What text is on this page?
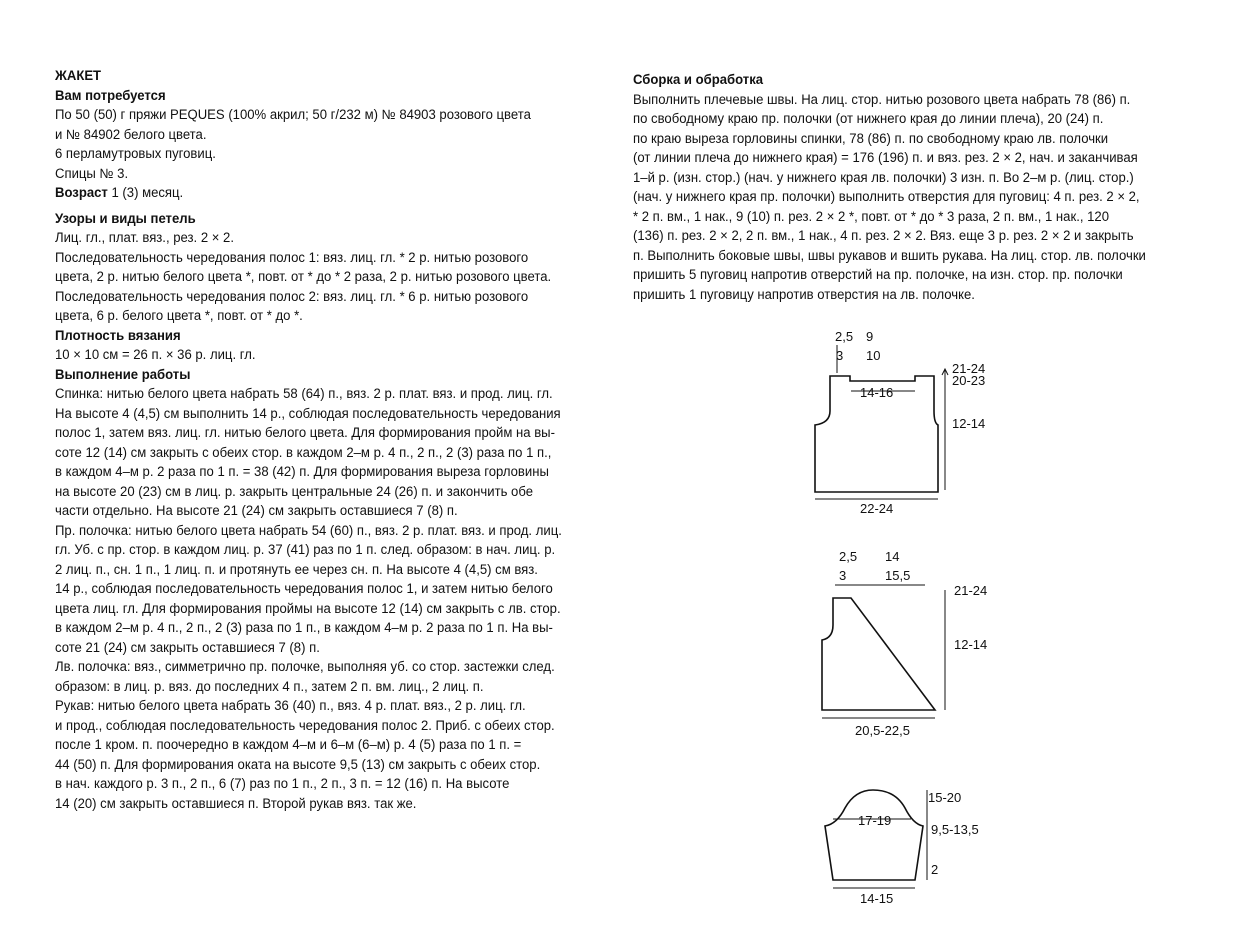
ЖАКЕТ
Вам потребуется
По 50 (50) г пряжи PEQUES (100% акрил; 50 г/232 м) № 84903 розового цвета
и № 84902 белого цвета.
6 перламутровых пуговиц.
Спицы № 3.
Возраст 1 (3) месяц.
Узоры и виды петель
Лиц. гл., плат. вяз., рез. 2 × 2.
Последовательность чередования полос 1: вяз. лиц. гл. * 2 р. нитью розового
цвета, 2 р. нитью белого цвета *, повт. от * до * 2 раза, 2 р. нитью розового цвета.
Последовательность чередования полос 2: вяз. лиц. гл. * 6 р. нитью розового
цвета, 6 р. белого цвета *, повт. от * до *.
Плотность вязания
10 × 10 см = 26 п. × 36 р. лиц. гл.
Выполнение работы
Спинка: нитью белого цвета набрать 58 (64) п., вяз. 2 р. плат. вяз. и прод. лиц. гл.
На высоте 4 (4,5) см выполнить 14 р., соблюдая последовательность чередования
полос 1, затем вяз. лиц. гл. нитью белого цвета. Для формирования пройм на вы-
соте 12 (14) см закрыть с обеих стор. в каждом 2–м р. 4 п., 2 п., 2 (3) раза по 1 п.,
в каждом 4–м р. 2 раза по 1 п. = 38 (42) п. Для формирования выреза горловины
на высоте 20 (23) см в лиц. р. закрыть центральные 24 (26) п. и закончить обе
части отдельно. На высоте 21 (24) см закрыть оставшиеся 7 (8) п.
Пр. полочка: нитью белого цвета набрать 54 (60) п., вяз. 2 р. плат. вяз. и прод. лиц.
гл. Уб. с пр. стор. в каждом лиц. р. 37 (41) раз по 1 п. след. образом: в нач. лиц. р.
2 лиц. п., сн. 1 п., 1 лиц. п. и протянуть ее через сн. п. На высоте 4 (4,5) см вяз.
14 р., соблюдая последовательность чередования полос 1, и затем нитью белого
цвета лиц. гл. Для формирования проймы на высоте 12 (14) см закрыть с лв. стор.
в каждом 2–м р. 4 п., 2 п., 2 (3) раза по 1 п., в каждом 4–м р. 2 раза по 1 п. На вы-
соте 21 (24) см закрыть оставшиеся 7 (8) п.
Лв. полочка: вяз., симметрично пр. полочке, выполняя уб. со стор. застежки след.
образом: в лиц. р. вяз. до последних 4 п., затем 2 п. вм. лиц., 2 лиц. п.
Рукав: нитью белого цвета набрать 36 (40) п., вяз. 4 р. плат. вяз., 2 р. лиц. гл.
и прод., соблюдая последовательность чередования полос 2. Приб. с обеих стор.
после 1 кром. п. поочередно в каждом 4–м и 6–м (6–м) р. 4 (5) раза по 1 п. =
44 (50) п. Для формирования оката на высоте 9,5 (13) см закрыть с обеих стор.
в нач. каждого р. 3 п., 2 п., 6 (7) раз по 1 п., 2 п., 3 п. = 12 (16) п. На высоте
14 (20) см закрыть оставшиеся п. Второй рукав вяз. так же.
Сборка и обработка
Выполнить плечевые швы. На лиц. стор. нитью розового цвета набрать 78 (86) п.
по свободному краю пр. полочки (от нижнего края до линии плеча), 20 (24) п.
по краю выреза горловины спинки, 78 (86) п. по свободному краю лв. полочки
(от линии плеча до нижнего края) = 176 (196) п. и вяз. рез. 2 × 2, нач. и заканчивая
1–й р. (изн. стор.) (нач. у нижнего края лв. полочки) 3 изн. п. Во 2–м р. (лиц. стор.)
(нач. у нижнего края пр. полочки) выполнить отверстия для пуговиц: 4 п. рез. 2 × 2,
* 2 п. вм., 1 нак., 9 (10) п. рез. 2 × 2 *, повт. от * до * 3 раза, 2 п. вм., 1 нак., 120
(136) п. рез. 2 × 2, 2 п. вм., 1 нак., 4 п. рез. 2 × 2. Вяз. еще 3 р. рез. 2 × 2 и закрыть
п. Выполнить боковые швы, швы рукавов и вшить рукава. На лиц. стор. лв. полочки
пришить 5 пуговиц напротив отверстий на пр. полочке, на изн. стор. пр. полочки
пришить 1 пуговицу напротив отверстия на лв. полочке.
2,5 9
3 10
14-16
21-24
20-23
12-14
22-24
2,5 14
3	15,5
21-24
12-14
20,5-22,5
17-19
15-20
9,5-13,5
2
14-15
